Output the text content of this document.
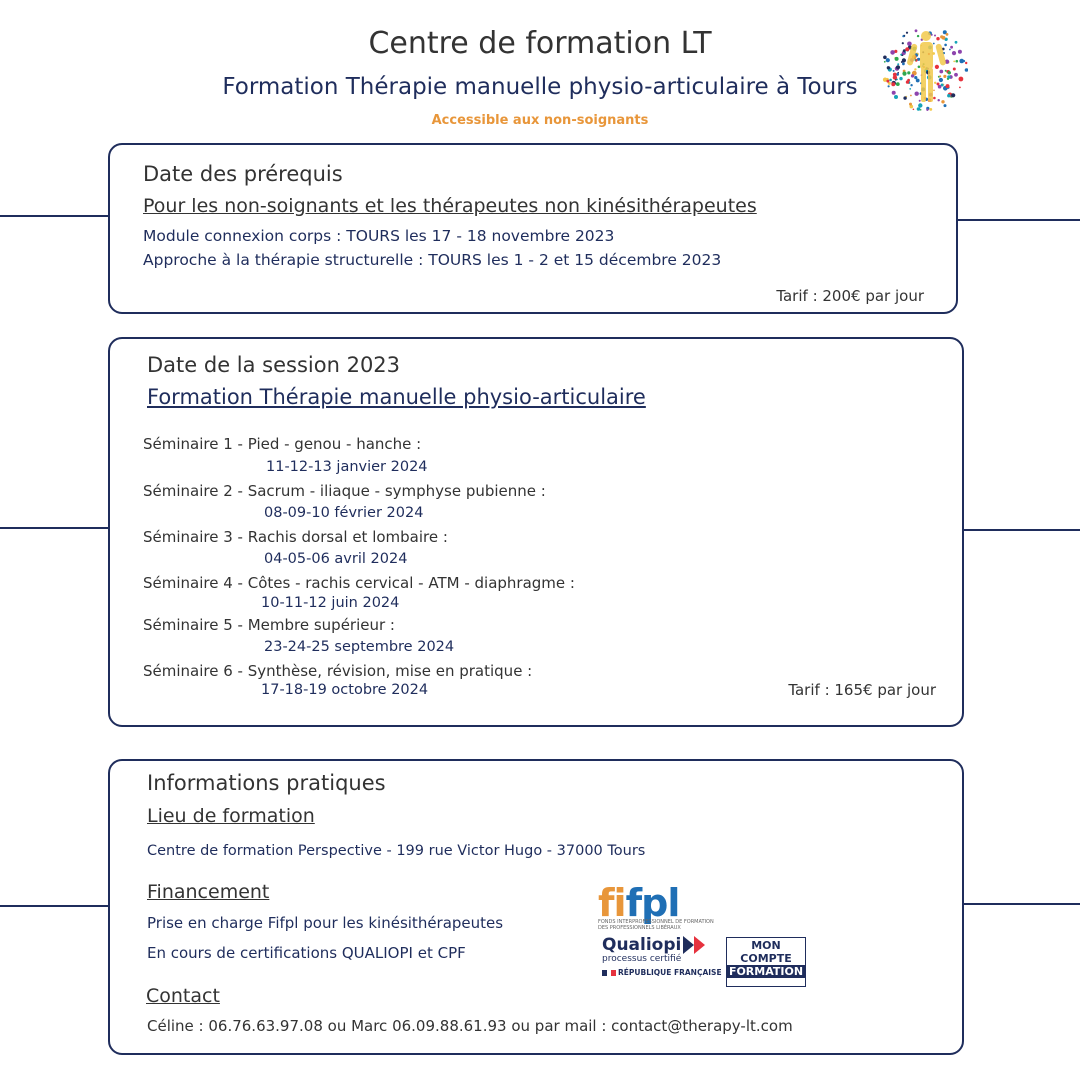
Centre de formation LT
Formation Thérapie manuelle physio-articulaire à Tours
Accessible aux non-soignants
Date des prérequis
Pour les non-soignants et les thérapeutes non kinésithérapeutes
Module connexion corps : TOURS les 17 - 18 novembre 2023
Approche à la thérapie structurelle : TOURS les 1 - 2 et 15 décembre 2023
Tarif : 200€ par jour
Date de la session 2023
Formation Thérapie manuelle physio-articulaire
Séminaire 1 - Pied - genou - hanche :
11-12-13 janvier 2024
Séminaire 2 - Sacrum - iliaque - symphyse pubienne :
08-09-10 février 2024
Séminaire 3 - Rachis dorsal et lombaire :
04-05-06 avril 2024
Séminaire 4 - Côtes - rachis cervical - ATM - diaphragme :
10-11-12 juin 2024
Séminaire 5 - Membre supérieur :
23-24-25 septembre 2024
Séminaire 6 - Synthèse, révision, mise en pratique :
17-18-19 octobre 2024	Tarif : 165€ par jour
Informations pratiques
Lieu de formation
Centre de formation Perspective - 199 rue Victor Hugo - 37000 Tours
Financement
Prise en charge Fifpl pour les kinésithérapeutes
En cours de certifications QUALIOPI et CPF
Contact
Céline : 06.76.63.97.08 ou Marc 06.09.88.61.93 ou par mail : contact@therapy-lt.com
fifpl
FONDS INTERPROFESSIONNEL DE FORMATION
DES PROFESSIONNELS LIBÉRAUX
Qualiopi
processus certifié
RÉPUBLIQUE FRANÇAISE
MON
COMPTE
FORMATION
